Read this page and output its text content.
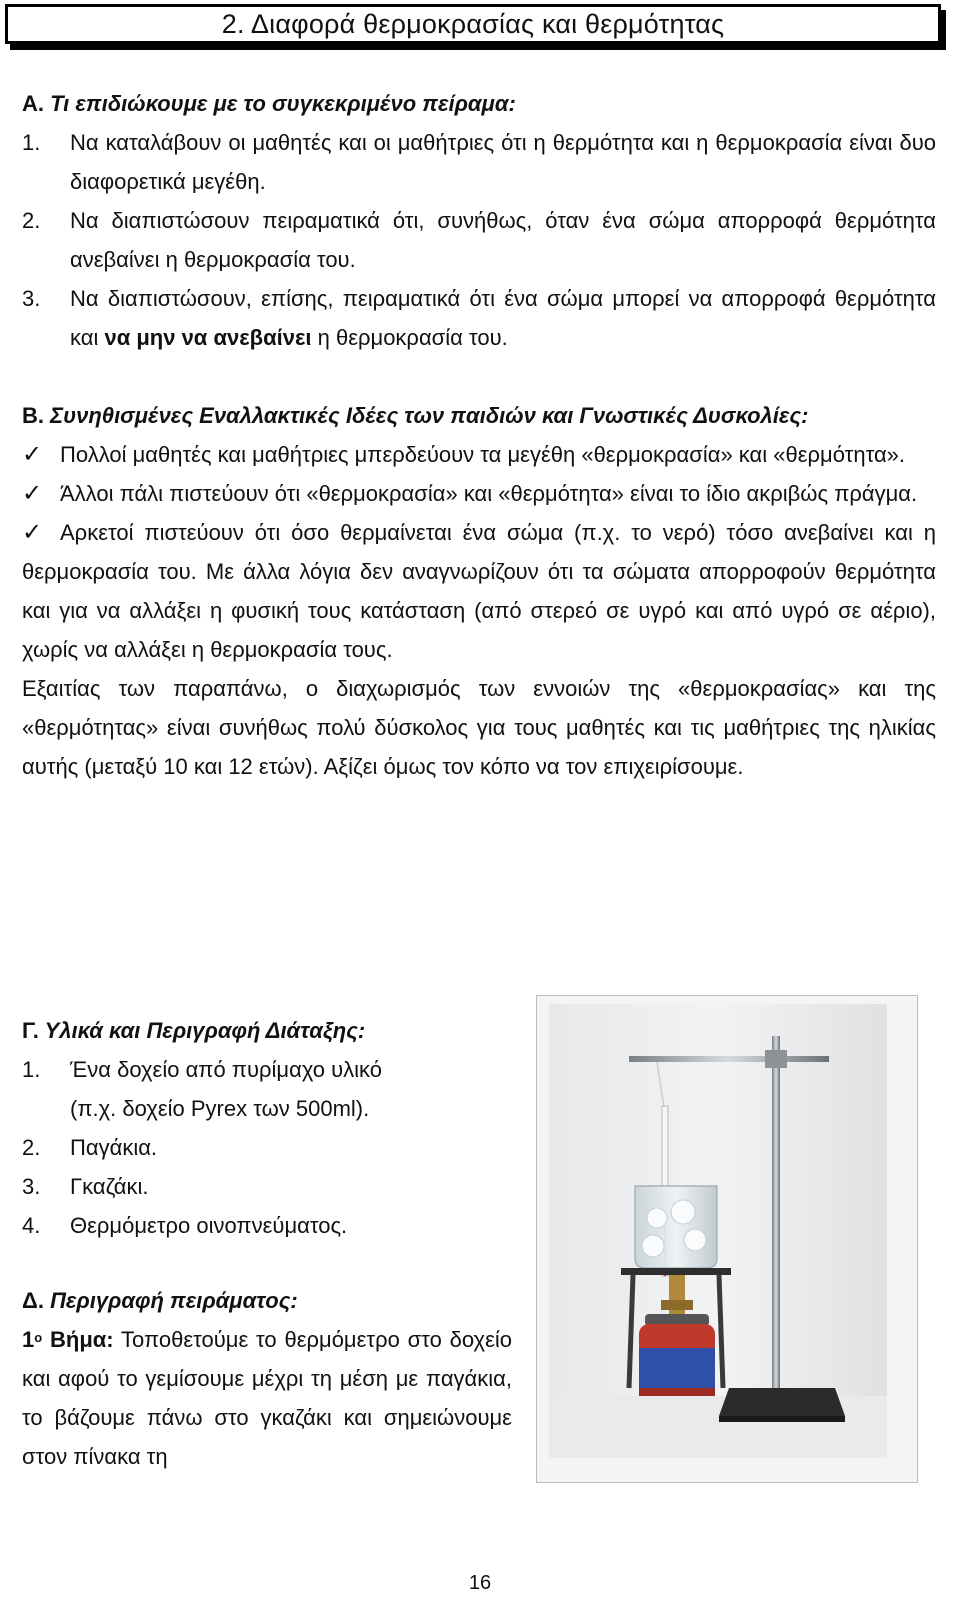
2. Διαφορά θερμοκρασίας και θερμότητας
Α. Τι επιδιώκουμε με το συγκεκριμένο πείραμα:
1.	Να καταλάβουν οι μαθητές και οι μαθήτριες ότι η θερμότητα και η θερμοκρασία είναι δυο διαφορετικά μεγέθη.
2.	Να διαπιστώσουν πειραματικά ότι, συνήθως, όταν ένα σώμα απορροφά θερμότητα ανεβαίνει η θερμοκρασία του.
3.	Να διαπιστώσουν, επίσης, πειραματικά ότι ένα σώμα μπορεί να απορροφά θερμότητα και να μην να ανεβαίνει η θερμοκρασία του.
Β. Συνηθισμένες Εναλλακτικές Ιδέες των παιδιών και Γνωστικές Δυσκολίες:
✓ Πολλοί μαθητές και μαθήτριες μπερδεύουν τα μεγέθη «θερμοκρασία» και «θερμότητα».
✓ Άλλοι πάλι πιστεύουν ότι «θερμοκρασία» και «θερμότητα» είναι το ίδιο ακριβώς πράγμα.
✓ Αρκετοί πιστεύουν ότι όσο θερμαίνεται ένα σώμα (π.χ. το νερό) τόσο ανεβαίνει και η θερμοκρασία του. Με άλλα λόγια δεν αναγνωρίζουν ότι τα σώματα απορροφούν θερμότητα και για να αλλάξει η φυσική τους κατάσταση (από στερεό σε υγρό και από υγρό σε αέριο), χωρίς να αλλάξει η θερμοκρασία τους.
Εξαιτίας των παραπάνω, ο διαχωρισμός των εννοιών της «θερμοκρασίας» και της «θερμότητας» είναι συνήθως πολύ δύσκολος για τους μαθητές και τις μαθήτριες της ηλικίας αυτής (μεταξύ 10 και 12 ετών). Αξίζει όμως τον κόπο να τον επιχειρίσουμε.
Γ. Υλικά και Περιγραφή Διάταξης:
1.	Ένα δοχείο από πυρίμαχο υλικό
(π.χ. δοχείο Pyrex των 500ml).
2.	Παγάκια.
3.	Γκαζάκι.
4.	Θερμόμετρο οινοπνεύματος.
Δ. Περιγραφή πειράματος:
$1^o$ Βήμα: Τοποθετούμε το θερμόμετρο στο δοχείο και αφού το γεμίσουμε μέχρι τη μέση με παγάκια, το βάζουμε πάνω στο γκαζάκι και σημειώνουμε στον πίνακα τη
16
